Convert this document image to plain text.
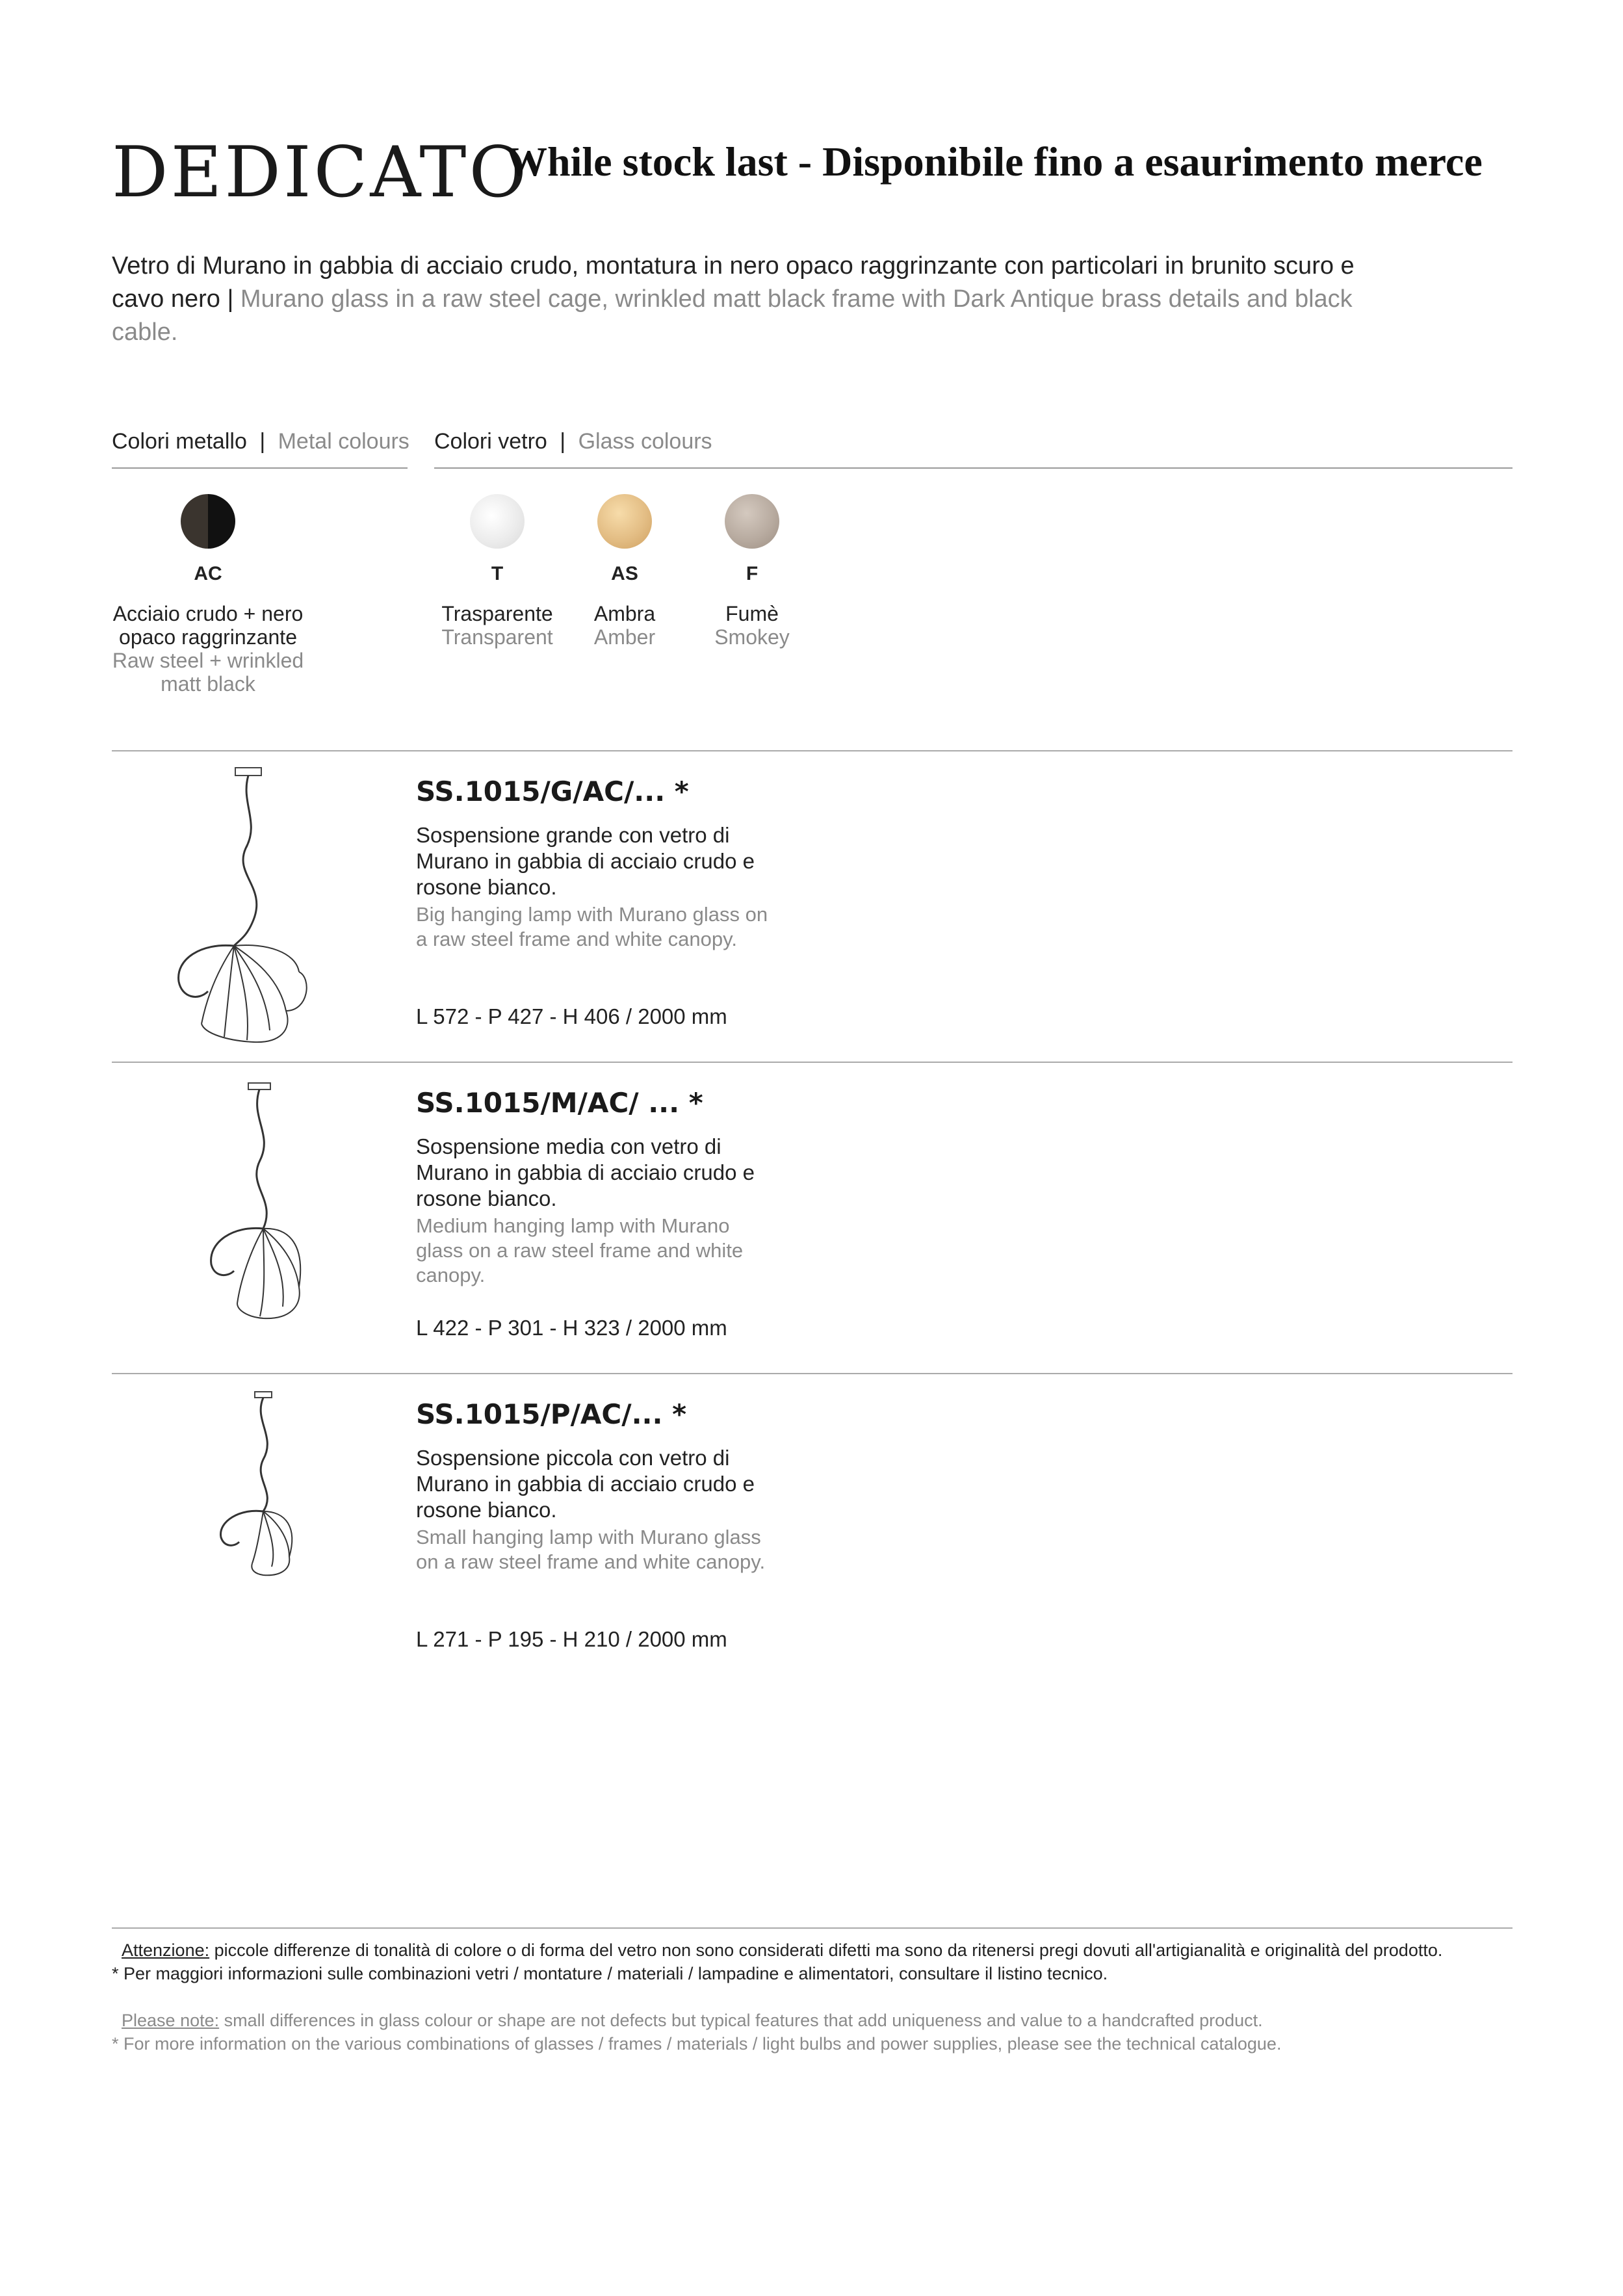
DEDICATO
While stock last - Disponibile fino a esaurimento merce
Vetro di Murano in gabbia di acciaio crudo, montatura in nero opaco raggrinzante con particolari in brunito scuro e cavo nero | Murano glass in a raw steel cage, wrinkled matt black frame with Dark Antique brass details and black cable.
Colori metallo | Metal colours
AC
Acciaio crudo + nero opaco raggrinzante
Raw steel + wrinkled matt black
Colori vetro | Glass colours
T
Trasparente
Transparent
AS
Ambra
Amber
F
Fumè
Smokey
SS.1015/G/AC/... *
Sospensione grande con vetro di Murano in gabbia di acciaio crudo e rosone bianco.
Big hanging lamp with Murano glass on a raw steel frame and white canopy.
L 572 - P 427 - H 406 / 2000 mm
SS.1015/M/AC/ ... *
Sospensione media con vetro di Murano in gabbia di acciaio crudo e rosone bianco.
Medium hanging lamp with Murano glass on a raw steel frame and white canopy.
L 422 - P 301 - H 323 / 2000 mm
SS.1015/P/AC/... *
Sospensione piccola con vetro di Murano in gabbia di acciaio crudo e rosone bianco.
Small hanging lamp with Murano glass on a raw steel frame and white canopy.
L 271 - P 195 - H 210 / 2000 mm
Attenzione: piccole differenze di tonalità di colore o di forma del vetro non sono considerati difetti ma sono da ritenersi pregi dovuti all'artigianalità e originalità del prodotto.
* Per maggiori informazioni sulle combinazioni vetri / montature / materiali / lampadine e alimentatori, consultare il listino tecnico.
Please note: small differences in glass colour or shape are not defects but typical features that add uniqueness and value to a handcrafted product.
* For more information on the various combinations of glasses / frames / materials / light bulbs and power supplies, please see the technical catalogue.
